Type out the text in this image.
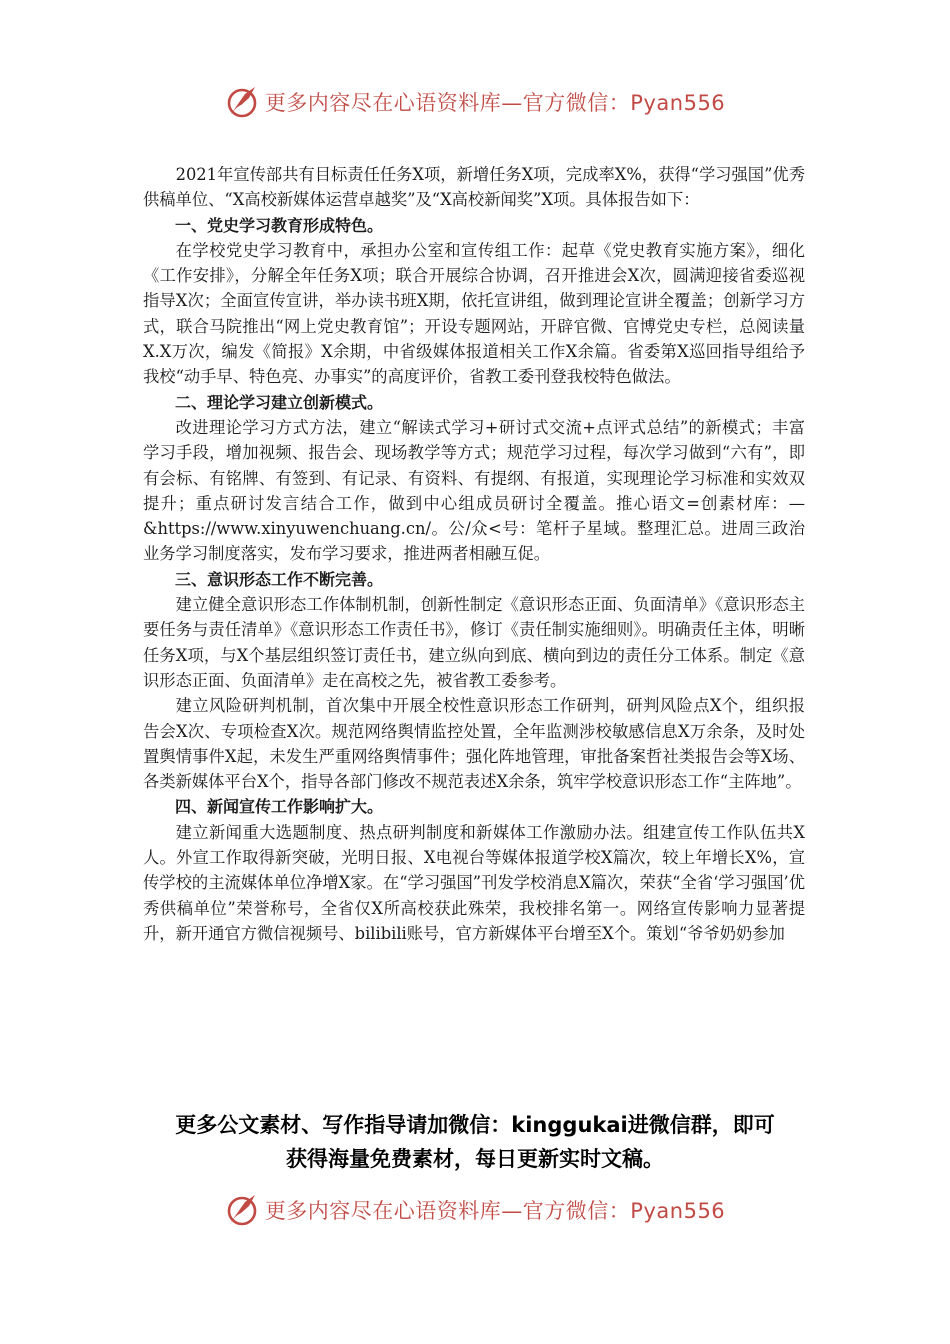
更多内容尽在心语资料库—官方微信：Pyan556

2021年宣传部共有目标责任任务X项，新增任务X项，完成率X%，获得“学习强国”优秀供稿单位、“X高校新媒体运营卓越奖”及“X高校新闻奖”X项。具体报告如下：

一、党史学习教育形成特色。

在学校党史学习教育中，承担办公室和宣传组工作：起草《党史教育实施方案》，细化《工作安排》，分解全年任务X项；联合开展综合协调，召开推进会X次，圆满迎接省委巡视指导X次；全面宣传宣讲，举办读书班X期，依托宣讲组，做到理论宣讲全覆盖；创新学习方式，联合马院推出“网上党史教育馆”；开设专题网站，开辟官微、官博党史专栏，总阅读量X.X万次，编发《简报》X余期，中省级媒体报道相关工作X余篇。省委第X巡回指导组给予我校“动手早、特色亮、办事实”的高度评价，省教工委刊登我校特色做法。

二、理论学习建立创新模式。

改进理论学习方式方法，建立“解读式学习+研讨式交流+点评式总结”的新模式；丰富学习手段，增加视频、报告会、现场教学等方式；规范学习过程，每次学习做到“六有”，即有会标、有铭牌、有签到、有记录、有资料、有提纲、有报道，实现理论学习标准和实效双提升；重点研讨发言结合工作，做到中心组成员研讨全覆盖。推心语文=创素材库：—&https://www.xinyuwenchuang.cn/。公/众<号：笔杆子星域。整理汇总。进周三政治业务学习制度落实，发布学习要求，推进两者相融互促。

三、意识形态工作不断完善。

建立健全意识形态工作体制机制，创新性制定《意识形态正面、负面清单》《意识形态主要任务与责任清单》《意识形态工作责任书》，修订《责任制实施细则》。明确责任主体，明晰任务X项，与X个基层组织签订责任书，建立纵向到底、横向到边的责任分工体系。制定《意识形态正面、负面清单》走在高校之先，被省教工委参考。

建立风险研判机制，首次集中开展全校性意识形态工作研判，研判风险点X个，组织报告会X次、专项检查X次。规范网络舆情监控处置，全年监测涉校敏感信息X万余条，及时处置舆情事件X起，未发生严重网络舆情事件；强化阵地管理，审批备案哲社类报告会等X场、各类新媒体平台X个，指导各部门修改不规范表述X余条，筑牢学校意识形态工作“主阵地”。

四、新闻宣传工作影响扩大。

建立新闻重大选题制度、热点研判制度和新媒体工作激励办法。组建宣传工作队伍共X人。外宣工作取得新突破，光明日报、X电视台等媒体报道学校X篇次，较上年增长X%，宣传学校的主流媒体单位净增X家。在“学习强国”刊发学校消息X篇次，荣获“全省‘学习强国’优秀供稿单位”荣誉称号，全省仅X所高校获此殊荣，我校排名第一。网络宣传影响力显著提升，新开通官方微信视频号、bilibili账号，官方新媒体平台增至X个。策划“爷爷奶奶参加

更多公文素材、写作指导请加微信：kinggukai进微信群，即可
获得海量免费素材，每日更新实时文稿。
更多内容尽在心语资料库—官方微信：Pyan556
